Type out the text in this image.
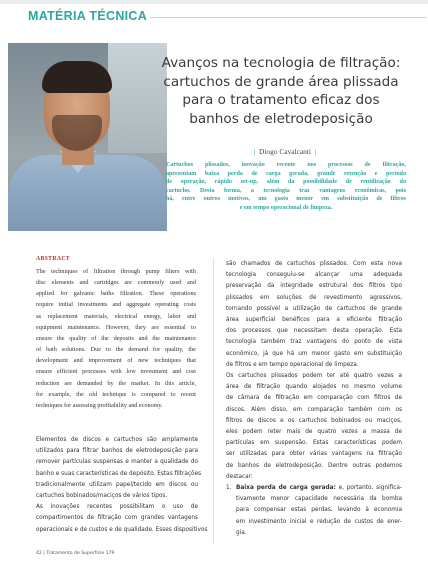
MATÉRIA TÉCNICA
Avanços na tecnologia de filtração:
cartuchos de grande área plissada
para o tratamento eficaz dos
banhos de eletrodeposição
| Diogo Cavalcanti |
Cartuchos plissados, inovação recente nos processos de filtração,
apresentam baixa perda de carga gerada, grande retenção e período
de operação, rápido set-up, além da possibilidade de reutilização do
cartucho. Desta forma, a tecnologia traz vantagens econômicas, pois
há, entre outros motivos, um gasto menor em substituição de filtros
e em tempo operacional de limpeza.
ABSTRACT
The techniques of filtration through pump filters with
disc elements and cartridges are commonly used and
applied for galvanic baths filtration. These operations
require initial investments and aggregate operating costs
as replacement materials, electrical energy, labor and
equipment maintenance. However, they are essential to
ensure the quality of the deposits and the maintenance
of bath solutions. Due to the demand for quality, the
development and improvement of new techniques that
ensure efficient processes with low investment and cost
reduction are demanded by the market. In this article,
for example, the old technique is compared to recent
techniques for assessing profitability and economy.
Elementos de discos e cartuchos são amplamente
utilizados para filtrar banhos de eletrodeposição para
remover partículas suspensas e manter a qualidade do
banho e suas características de depósito. Estas filtrações
tradicionalmente utilizam papel/tecido em discos ou
cartuchos bobinados/maciços de vários tipos.
As inovações recentes possibilitam o uso de
compartimentos de filtração com grandes vantagens
operacionais e de custos e de qualidade. Esses dispositivos
são chamados de cartuchos plissados. Com esta nova
tecnologia conseguiu-se alcançar uma adequada
preservação da integridade estrutural dos filtros tipo
plissados em soluções de revestimento agressivos,
tornando possível a utilização de cartuchos de grande
área superficial benéficos para a eficiente filtração
dos processos que necessitam desta operação. Esta
tecnologia também traz vantagens do ponto de vista
econômico, já que há um menor gasto em substituição
de filtros e em tempo operacional de limpeza.
Os cartuchos plissados podem ter até quatro vezes a
área de filtração quando alojados no mesmo volume
de câmara de filtração em comparação com filtros de
discos. Além disso, em comparação também com os
filtros de discos e os cartuchos bobinados ou maciços,
eles podem reter mais de quatro vezes a massa de
partículas em suspensão. Estas características podem
ser utilizadas para obter várias vantagens na filtração
de banhos de eletrodeposição. Dentre outras podemos
destacar:
1. Baixa perda de carga gerada: e, portanto, significa-
tivamente menor capacidade necessária da bomba
para compensar estas perdas, levando à economia
em investimento inicial e redução de custos de ener-
gia.
42 | Tratamento de Superfície 179
